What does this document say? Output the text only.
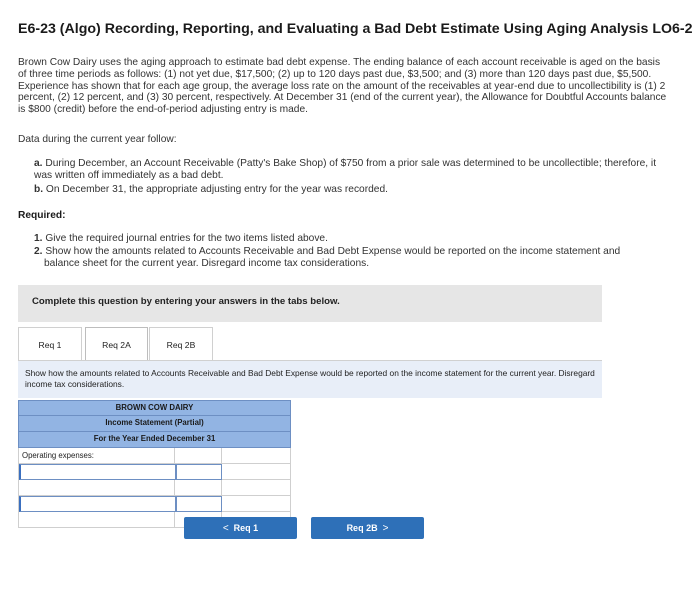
E6-23 (Algo) Recording, Reporting, and Evaluating a Bad Debt Estimate Using Aging Analysis LO6-2
Brown Cow Dairy uses the aging approach to estimate bad debt expense. The ending balance of each account receivable is aged on the basis of three time periods as follows: (1) not yet due, $17,500; (2) up to 120 days past due, $3,500; and (3) more than 120 days past due, $5,500. Experience has shown that for each age group, the average loss rate on the amount of the receivables at year-end due to uncollectibility is (1) 2 percent, (2) 12 percent, and (3) 30 percent, respectively. At December 31 (end of the current year), the Allowance for Doubtful Accounts balance is $800 (credit) before the end-of-period adjusting entry is made.
Data during the current year follow:
a. During December, an Account Receivable (Patty's Bake Shop) of $750 from a prior sale was determined to be uncollectible; therefore, it was written off immediately as a bad debt.
b. On December 31, the appropriate adjusting entry for the year was recorded.
Required:
1. Give the required journal entries for the two items listed above.
2. Show how the amounts related to Accounts Receivable and Bad Debt Expense would be reported on the income statement and
balance sheet for the current year. Disregard income tax considerations.
Complete this question by entering your answers in the tabs below.
Req 1	Req 2A	Req 2B
Show how the amounts related to Accounts Receivable and Bad Debt Expense would be reported on the income statement for the current year. Disregard income tax considerations.
BROWN COW DAIRY
Income Statement (Partial)
For the Year Ended December 31
Operating expenses:
< Req 1	Req 2B >
